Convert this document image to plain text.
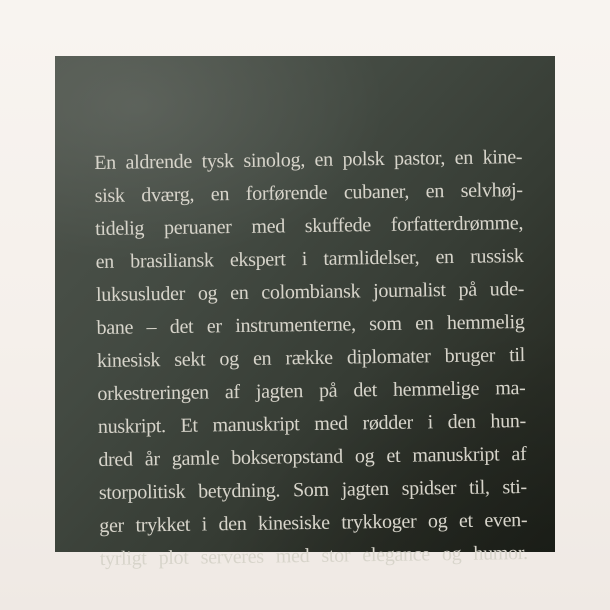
En aldrende tysk sinolog, en polsk pastor, en kine-
sisk dværg, en forførende cubaner, en selvhøj-
tidelig peruaner med skuffede forfatterdrømme,
en brasiliansk ekspert i tarmlidelser, en russisk
luksusluder og en colombiansk journalist på ude-
bane – det er instrumenterne, som en hemmelig
kinesisk sekt og en række diplomater bruger til
orkestreringen af jagten på det hemmelige ma-
nuskript. Et manuskript med rødder i den hun-
dred år gamle bokseropstand og et manuskript af
storpolitisk betydning. Som jagten spidser til, sti-
ger trykket i den kinesiske trykkoger og et even-
tyrligt plot serveres med stor elegance og humor.
